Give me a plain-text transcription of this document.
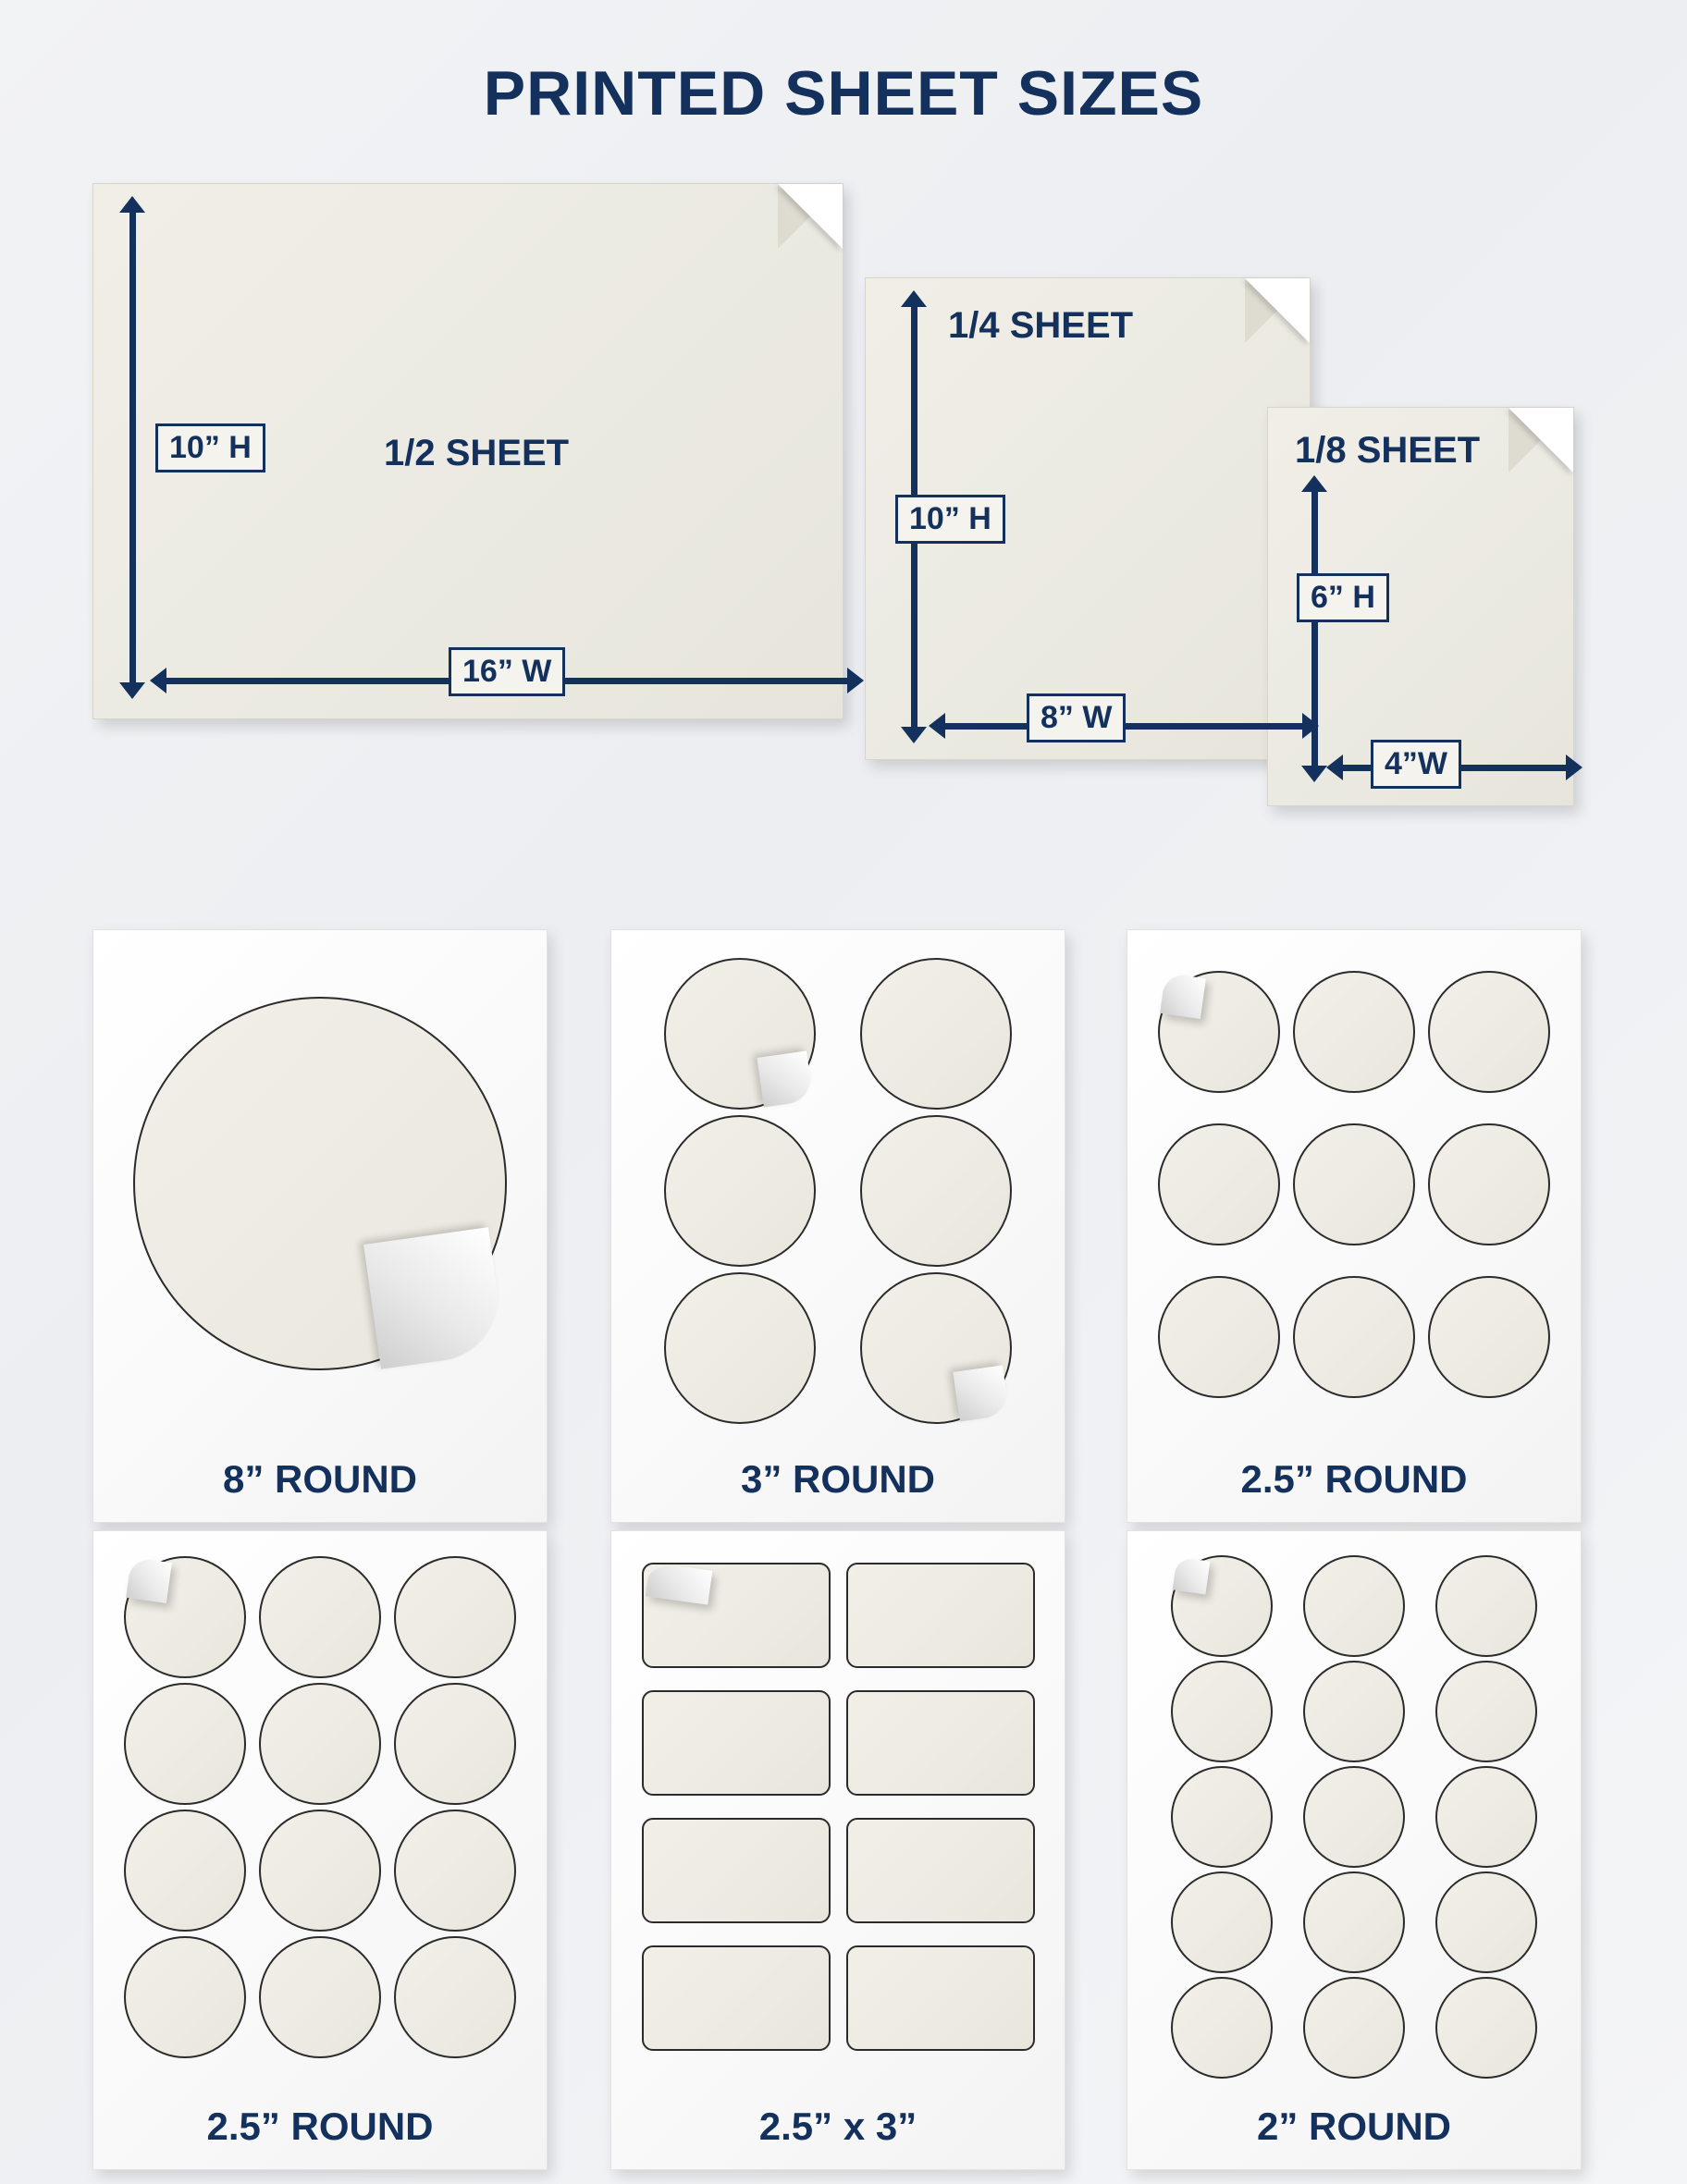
PRINTED SHEET SIZES
1/2 SHEET
1/4 SHEET
1/8 SHEET
10” H
16” W
10” H
8” W
6” H
4”W
8” ROUND	3” ROUND	2.5” ROUND
2.5” ROUND	2.5” x 3”	2” ROUND
